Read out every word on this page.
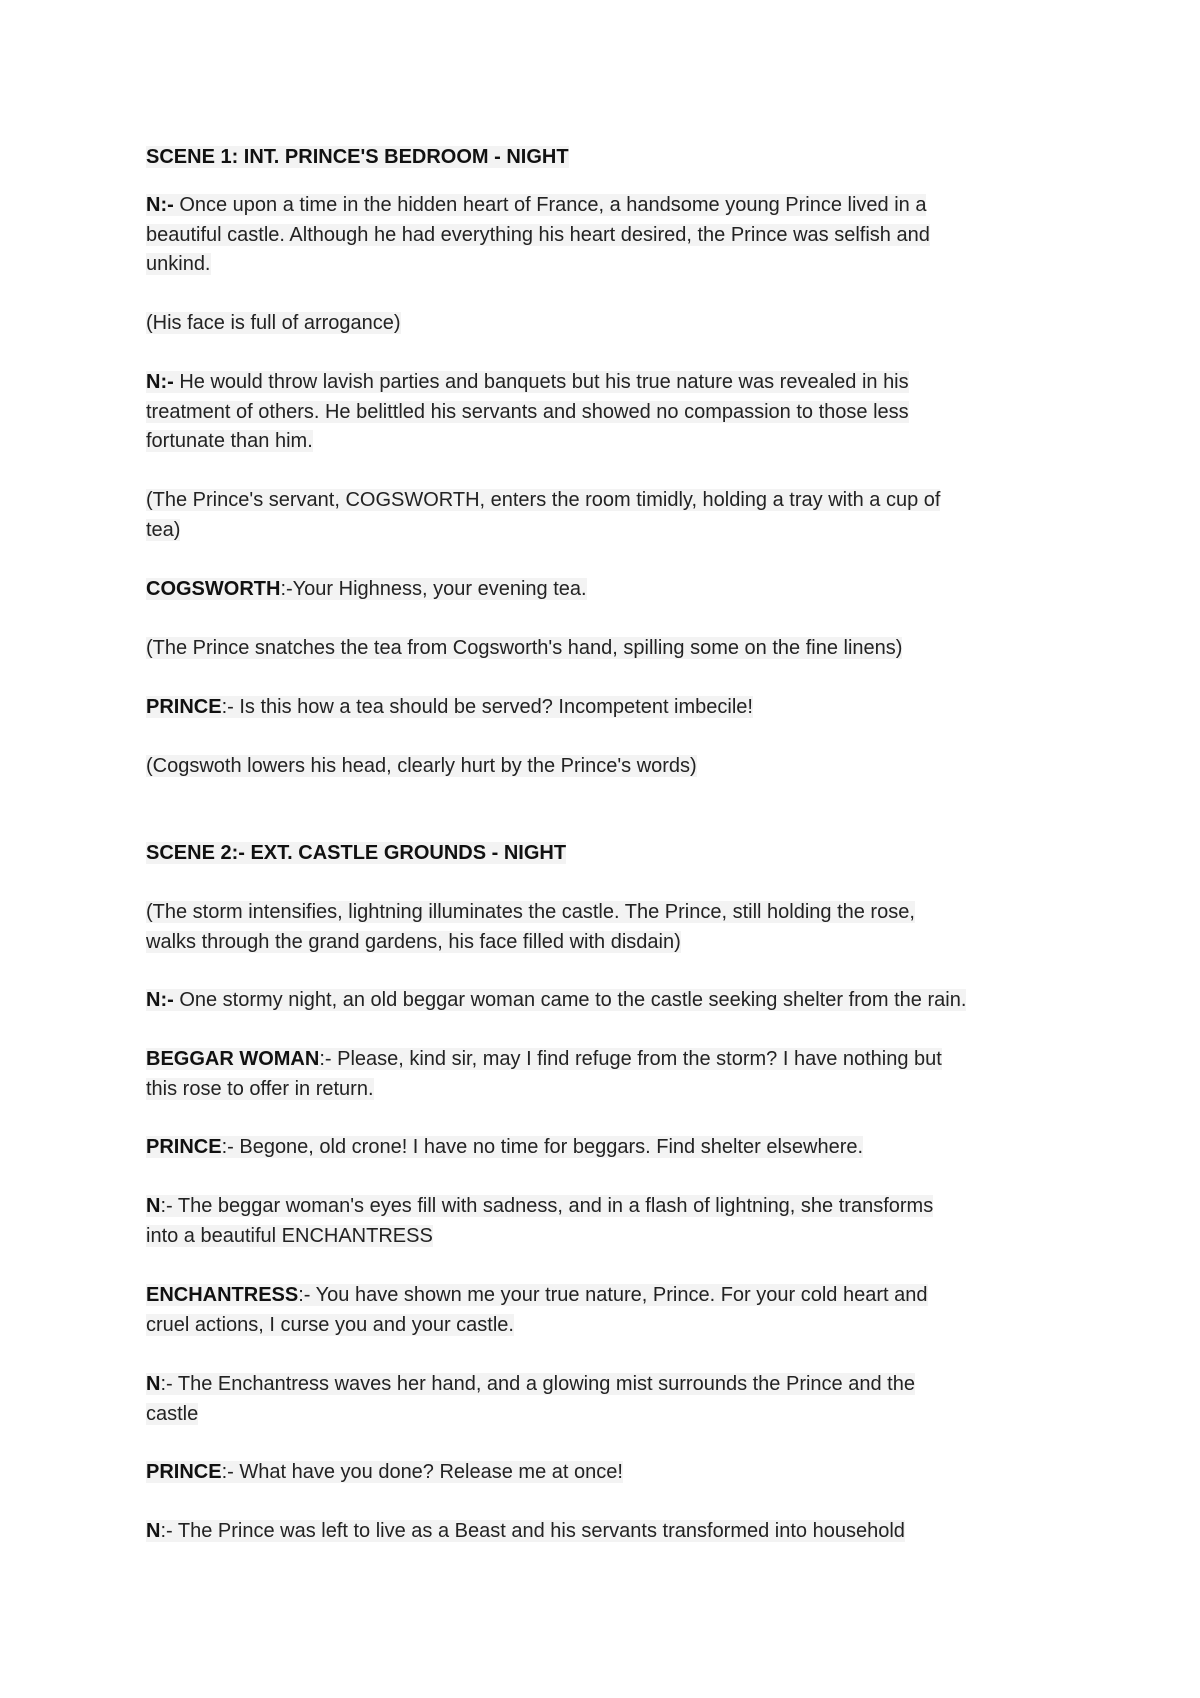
SCENE 1: INT. PRINCE'S BEDROOM - NIGHT
N:- Once upon a time in the hidden heart of France, a handsome young Prince lived in a
beautiful castle. Although he had everything his heart desired, the Prince was selfish and
unkind.
(His face is full of arrogance)
N:- He would throw lavish parties and banquets but his true nature was revealed in his
treatment of others. He belittled his servants and showed no compassion to those less
fortunate than him.
(The Prince's servant, COGSWORTH, enters the room timidly, holding a tray with a cup of
tea)
COGSWORTH:-Your Highness, your evening tea.
(The Prince snatches the tea from Cogsworth's hand, spilling some on the fine linens)
PRINCE:- Is this how a tea should be served? Incompetent imbecile!
(Cogswoth lowers his head, clearly hurt by the Prince's words)
SCENE 2:- EXT. CASTLE GROUNDS - NIGHT
(The storm intensifies, lightning illuminates the castle. The Prince, still holding the rose,
walks through the grand gardens, his face filled with disdain)
N:- One stormy night, an old beggar woman came to the castle seeking shelter from the rain.
BEGGAR WOMAN:- Please, kind sir, may I find refuge from the storm? I have nothing but
this rose to offer in return.
PRINCE:- Begone, old crone! I have no time for beggars. Find shelter elsewhere.
N:- The beggar woman's eyes fill with sadness, and in a flash of lightning, she transforms
into a beautiful ENCHANTRESS
ENCHANTRESS:- You have shown me your true nature, Prince. For your cold heart and
cruel actions, I curse you and your castle.
N:- The Enchantress waves her hand, and a glowing mist surrounds the Prince and the
castle
PRINCE:- What have you done? Release me at once!
N:- The Prince was left to live as a Beast and his servants transformed into household
